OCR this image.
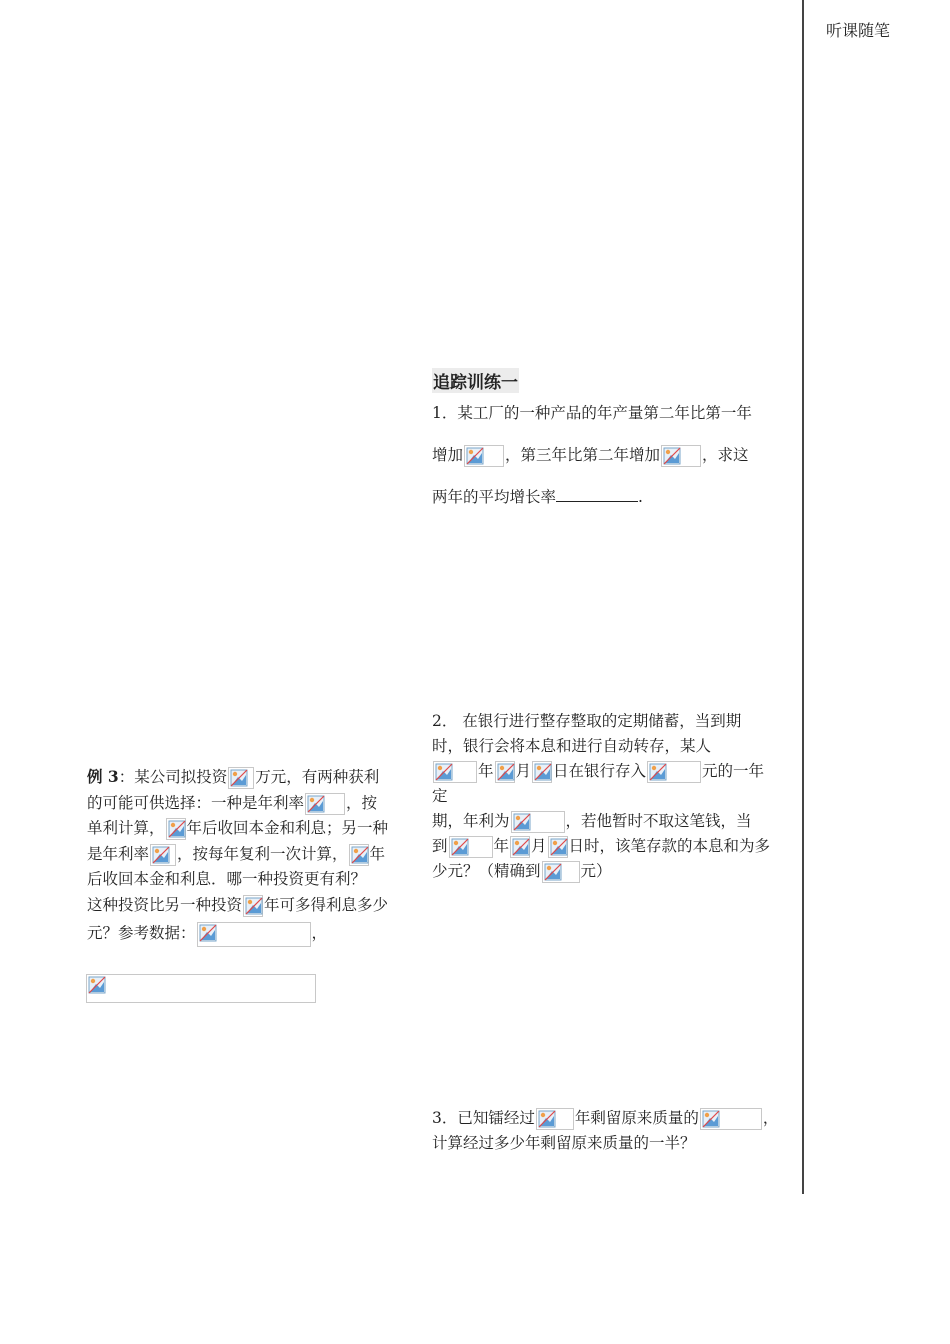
听课随笔
追踪训练一

1．某工厂的一种产品的年产量第二年比第一年

增加	，第三年比第二年增加	，求这

两年的平均增长率	.

2． 在银行进行整存整取的定期储蓄，当到期

时，银行会将本息和进行自动转存，某人

年 月 日在银行存入	元的一年定

期，年利为	，若他暂时不取这笔钱，当

到	年 月 日时，该笔存款的本息和为多

少元？（精确到	元）

例 3：某公司拟投资 万元，有两种获利

的可能可供选择：一种是年利率	，按

单利计算， 年后收回本金和利息；另一种

是年利率 ，按每年复利一次计算， 年

后收回本金和利息．哪一种投资更有利？

这种投资比另一种投资 年可多得利息多少

元？参考数据：	，

3．已知镭经过	年剩留原来质量的	，

计算经过多少年剩留原来质量的一半？
